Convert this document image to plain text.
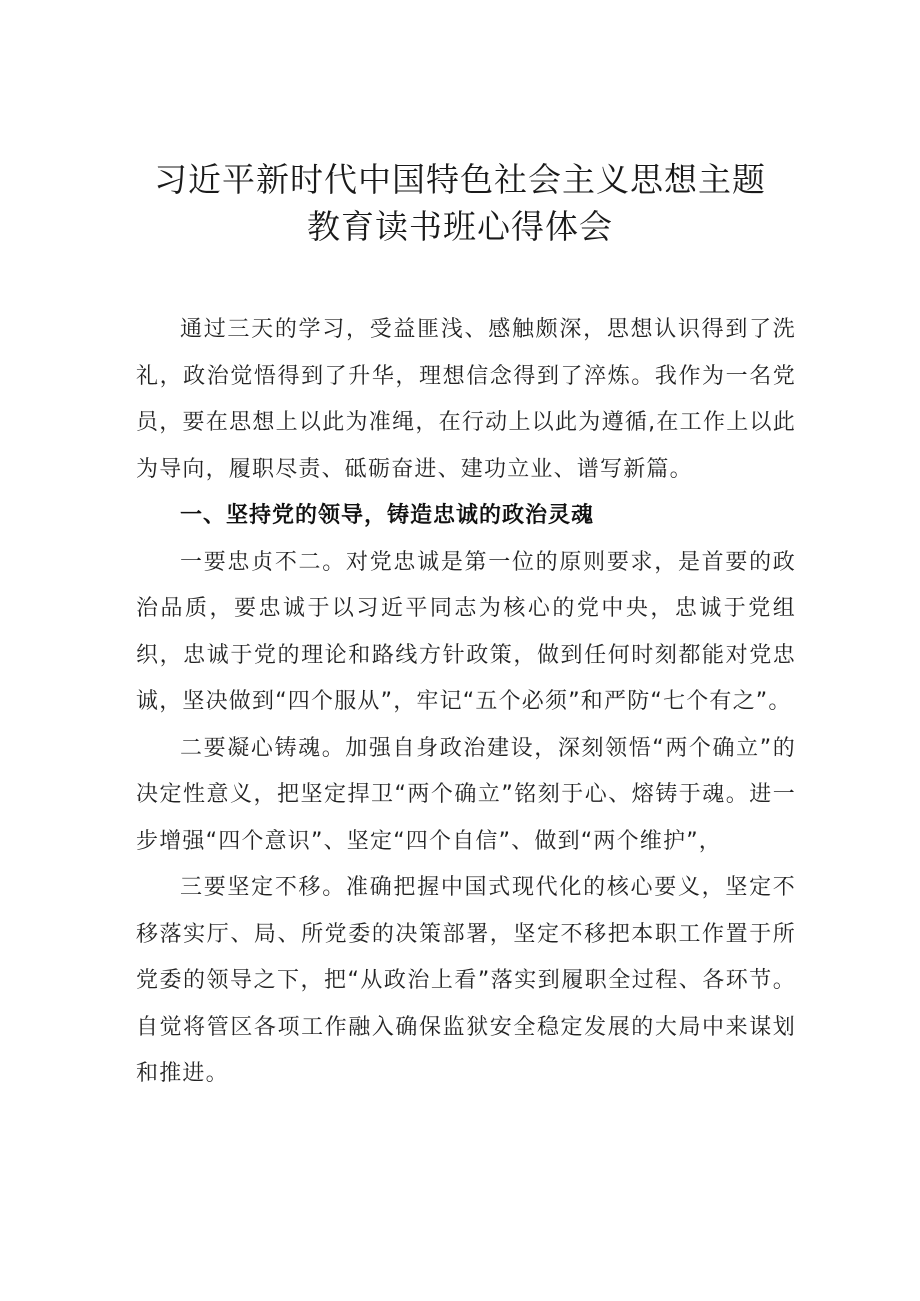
习近平新时代中国特色社会主义思想主题
教育读书班心得体会

通过三天的学习，受益匪浅、感触颇深，思想认识得到了洗礼，政治觉悟得到了升华，理想信念得到了淬炼。我作为一名党员，要在思想上以此为准绳，在行动上以此为遵循,在工作上以此为导向，履职尽责、砥砺奋进、建功立业、谱写新篇。

一、坚持党的领导，铸造忠诚的政治灵魂

一要忠贞不二。对党忠诚是第一位的原则要求，是首要的政治品质，要忠诚于以习近平同志为核心的党中央，忠诚于党组织，忠诚于党的理论和路线方针政策，做到任何时刻都能对党忠诚，坚决做到“四个服从”，牢记“五个必须”和严防“七个有之”。

二要凝心铸魂。加强自身政治建设，深刻领悟“两个确立”的决定性意义，把坚定捍卫“两个确立”铭刻于心、熔铸于魂。进一步增强“四个意识”、坚定“四个自信”、做到“两个维护”，

三要坚定不移。准确把握中国式现代化的核心要义，坚定不移落实厅、局、所党委的决策部署，坚定不移把本职工作置于所党委的领导之下，把“从政治上看”落实到履职全过程、各环节。自觉将管区各项工作融入确保监狱安全稳定发展的大局中来谋划和推进。
